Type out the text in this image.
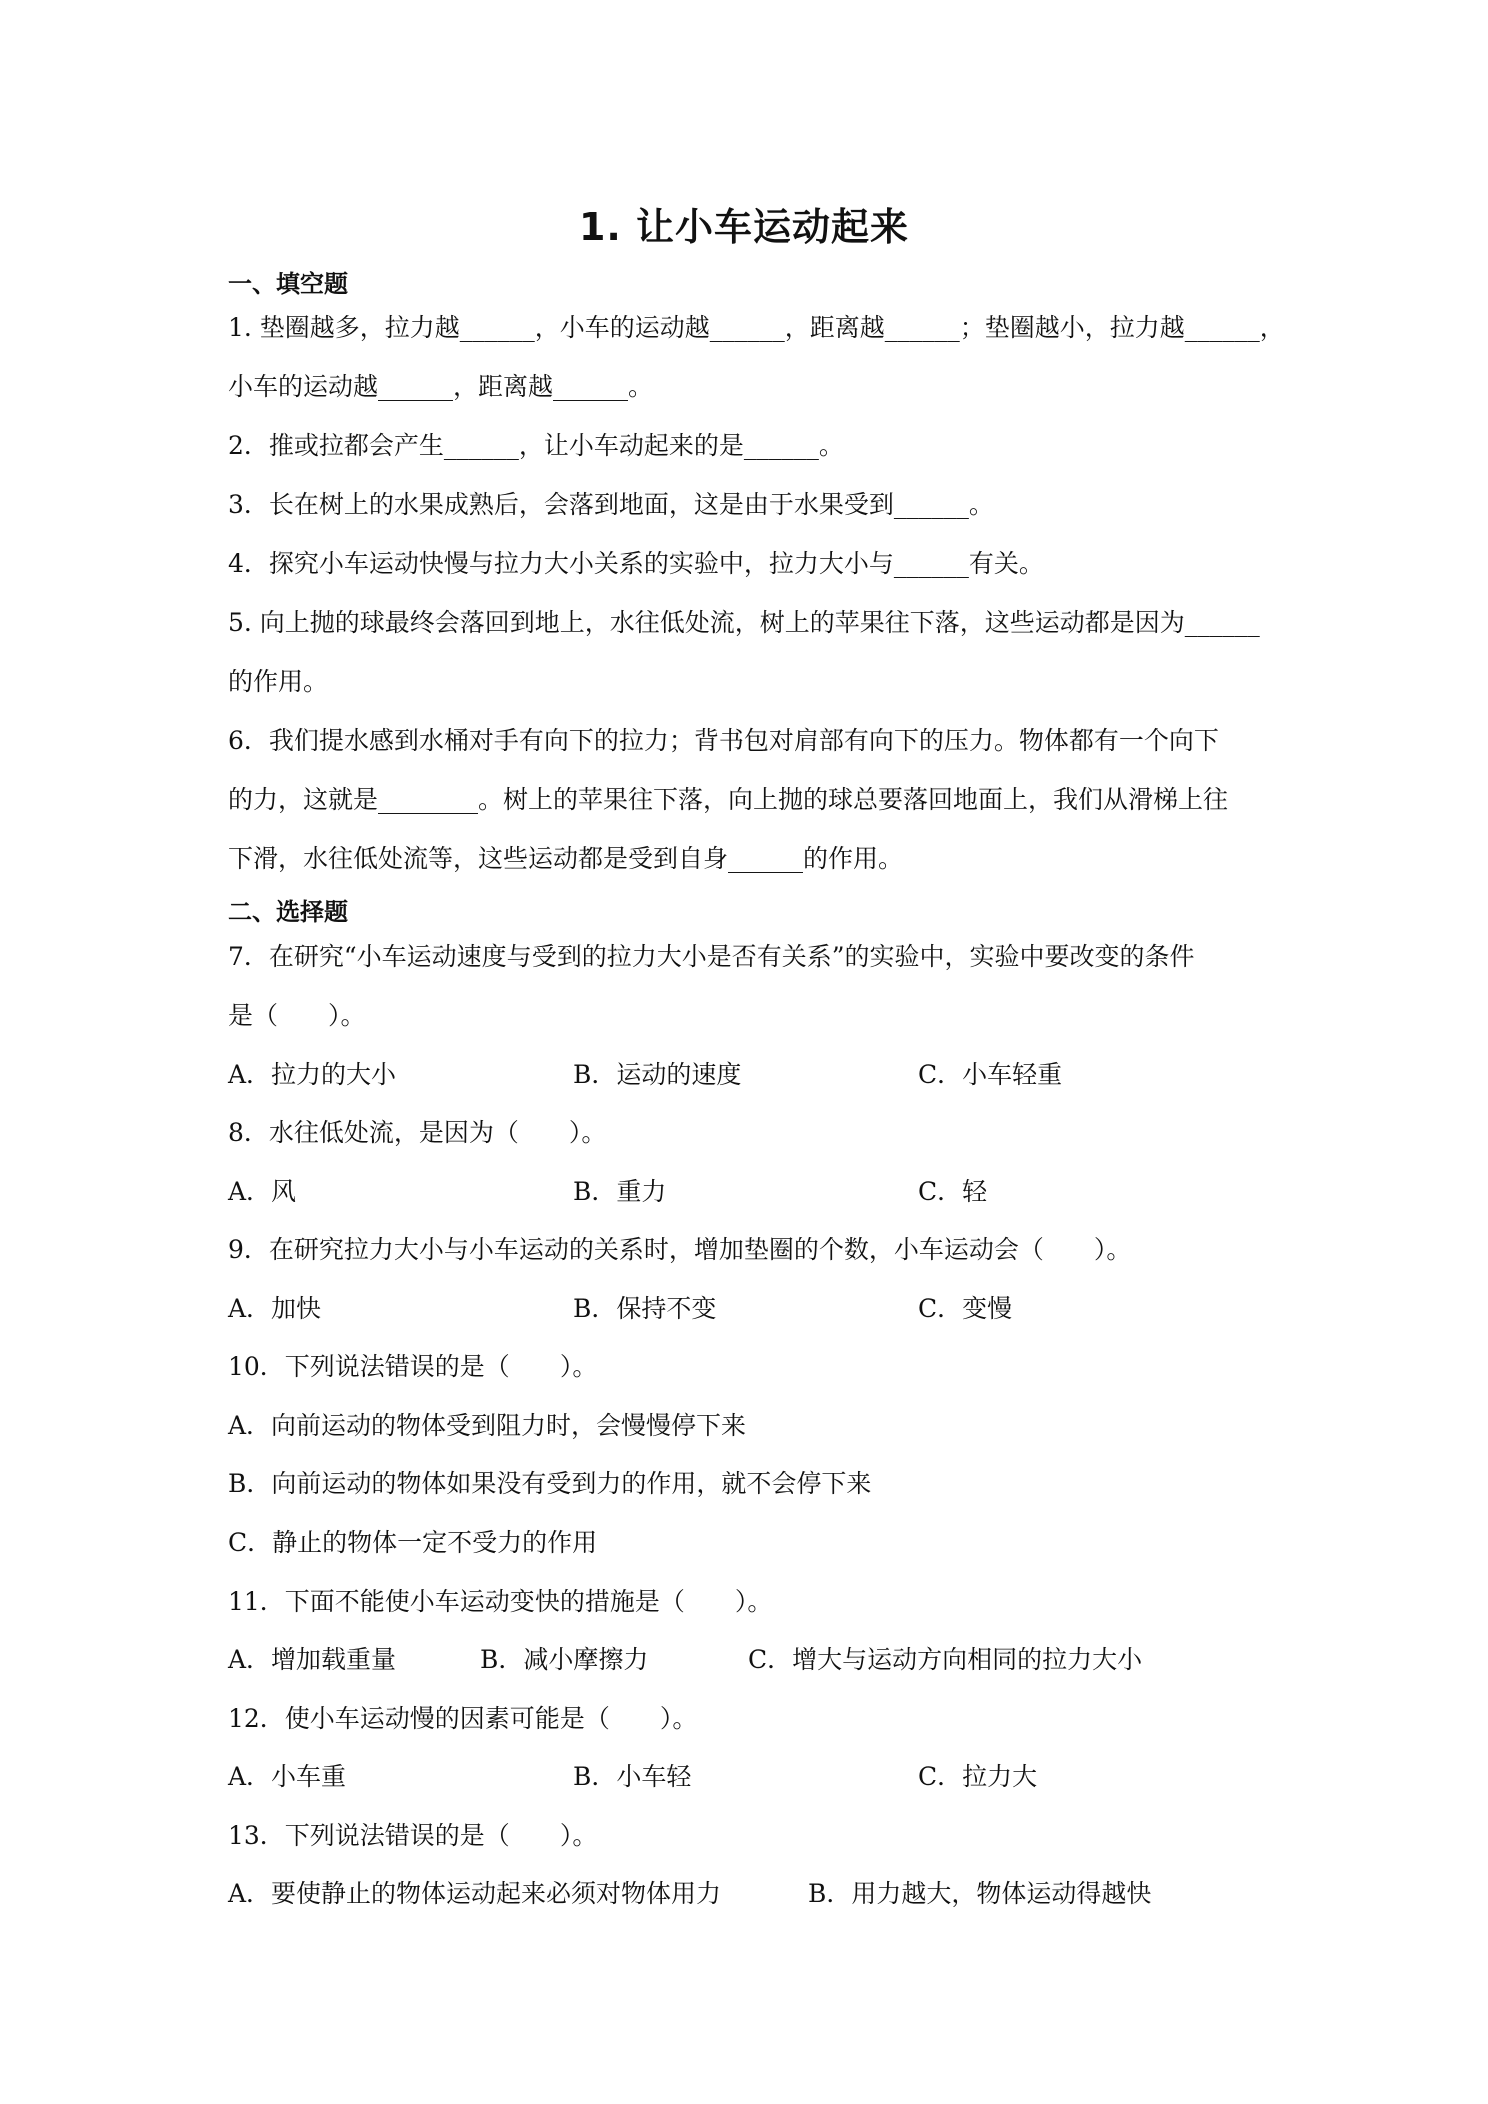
1. 让小车运动起来
一、填空题
1. 垫圈越多，拉力越______，小车的运动越______，距离越______；垫圈越小，拉力越______，
小车的运动越______，距离越______。
2．推或拉都会产生______，让小车动起来的是______。
3．长在树上的水果成熟后，会落到地面，这是由于水果受到______。
4．探究小车运动快慢与拉力大小关系的实验中，拉力大小与______有关。
5. 向上抛的球最终会落回到地上，水往低处流，树上的苹果往下落，这些运动都是因为______
的作用。
6．我们提水感到水桶对手有向下的拉力；背书包对肩部有向下的压力。物体都有一个向下
的力，这就是________。树上的苹果往下落，向上抛的球总要落回地面上，我们从滑梯上往
下滑，水往低处流等，这些运动都是受到自身______的作用。
二、选择题
7．在研究“小车运动速度与受到的拉力大小是否有关系”的实验中，实验中要改变的条件
是（　　）。
A．拉力的大小	B．运动的速度	C．小车轻重
8．水往低处流，是因为（　　）。
A．风	B．重力	C．轻
9．在研究拉力大小与小车运动的关系时，增加垫圈的个数，小车运动会（　　）。
A．加快	B．保持不变	C．变慢
10．下列说法错误的是（　　）。
A．向前运动的物体受到阻力时，会慢慢停下来
B．向前运动的物体如果没有受到力的作用，就不会停下来
C．静止的物体一定不受力的作用
11．下面不能使小车运动变快的措施是（　　）。
A．增加载重量	B．减小摩擦力	C．增大与运动方向相同的拉力大小
12．使小车运动慢的因素可能是（　　）。
A．小车重	B．小车轻	C．拉力大
13．下列说法错误的是（　　）。
A．要使静止的物体运动起来必须对物体用力	B．用力越大，物体运动得越快
